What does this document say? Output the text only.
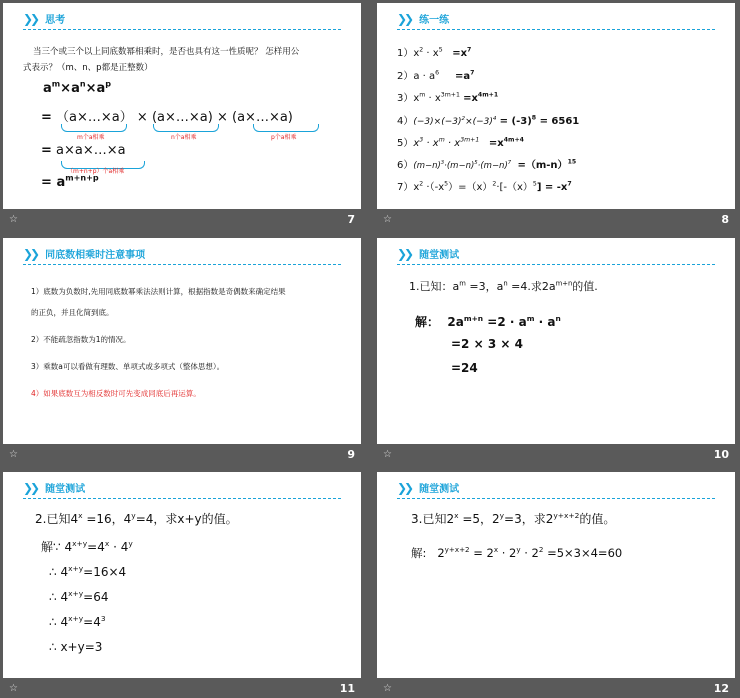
❯❯ 思考
当三个或三个以上同底数幂相乘时，是否也具有这一性质呢？ 怎样用公
式表示？（m、n、p都是正整数）
$a^m\times a^n\times a^p$
= （a×…×a） × (a×…×a) × (a×…×a)
m个a相乘	n个a相乘	p个a相乘
= a×a×…×a
（m+n+p）个a相乘
= $a^{m+n+p}$
☆	7
❯❯ 练一练
$1)x^2 \cdot x^5 =x^7$
$2)a \cdot a^6 =a^7$
$3)x^m \cdot x^{3m+1} =x^{4m+1}$
$4)(-3)\times(-3)^2\times(-3)^4 = (-3)^8 = 6561$
$5)x^3 \cdot x^m \cdot x^{3m+1} =x^{4m+4}$
$6)(m-n)^3\cdot(m-n)^5\cdot(m-n)^7 =(m-n)^{15}$
$7)x^2 \cdot(-x^5)=(x)^2\cdot[-(x)^5] = -x^7$
☆	8
❯❯ 同底数相乘时注意事项
1）底数为负数时,先用同底数幂乘法法则计算，根据指数是奇偶数来确定结果
的正负，并且化简到底。
2）不能疏忽指数为1的情况。
3）乘数a可以看做有理数、单项式或多项式（整体思想）。
4）如果底数互为相反数时可先变成同底后再运算。
☆	9
❯❯ 随堂测试
1.已知：$a^m =3$，$a^n =4$.求$2a^{m+n}$的值.
解： $2a^{m+n} =2 \cdot a^m \cdot a^n$
=2 × 3 × 4
=24
☆	10
❯❯ 随堂测试
2.已知$4^x =16$，$4^y=4$，求x+y的值。
解∵ $4^{x+y}=4^x \cdot 4^y$
∴ $4^{x+y}=16\times 4$
∴ $4^{x+y}=64$
∴ $4^{x+y}=4^3$
∴ x+y=3
☆	11
❯❯ 随堂测试
3.已知$2^x =5$，$2^y=3$，求$2^{y+x+2}$的值。
解: $2^{y+x+2} = 2^x \cdot 2^y \cdot 2^2 =5\times 3\times 4=60$
☆	12
